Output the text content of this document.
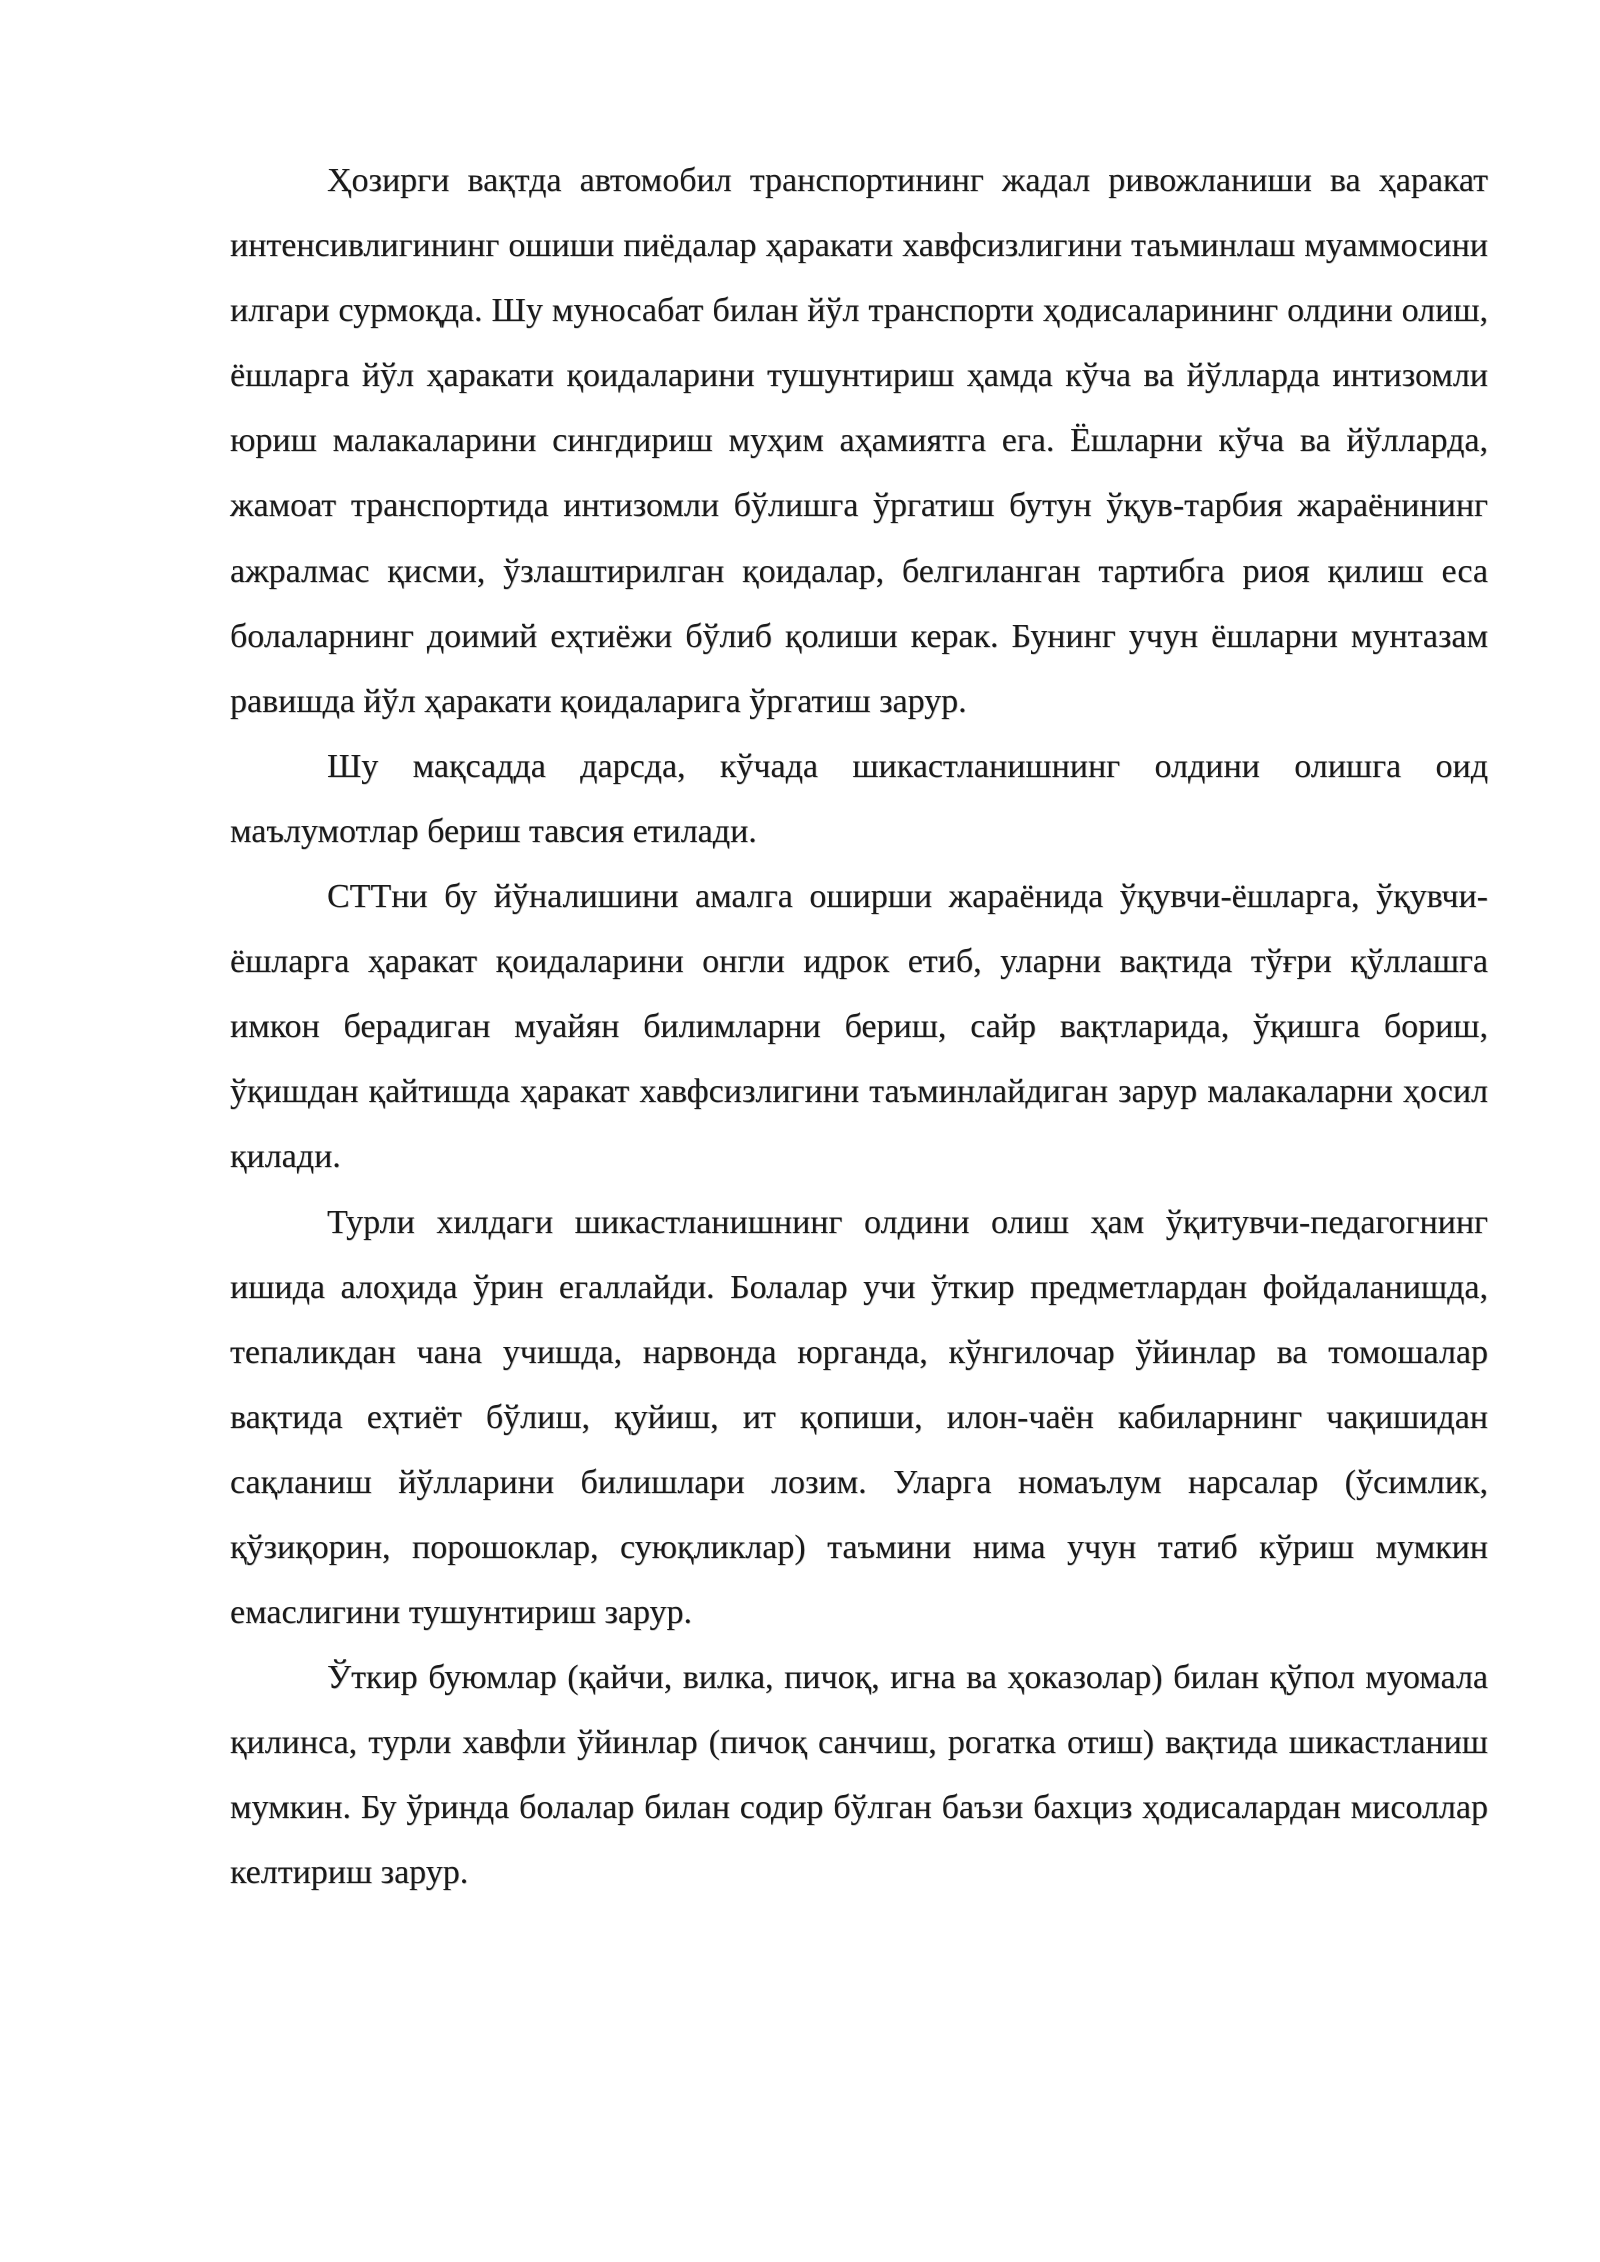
Ҳозирги вақтда автомобил транспортининг жадал ривожланиши ва ҳаракат интенсивлигининг ошиши пиёдалар ҳаракати хавфсизлигини таъминлаш муаммосини илгари сурмоқда. Шу муносабат билан йўл транспорти ҳодисаларининг олдини олиш, ёшларга йўл ҳаракати қоидаларини тушунтириш ҳамда кўча ва йўлларда интизомли юриш малакаларини сингдириш муҳим аҳамиятга ега. Ёшларни кўча ва йўлларда, жамоат транспортида интизомли бўлишга ўргатиш бутун ўқув-тарбия жараёнининг ажралмас қисми, ўзлаштирилган қоидалар, белгиланган тартибга риоя қилиш еса болаларнинг доимий еҳтиёжи бўлиб қолиши керак. Бунинг учун ёшларни мунтазам равишда йўл ҳаракати қоидаларига ўргатиш зарур.

Шу мақсадда дарсда, кўчада шикастланишнинг олдини олишга оид маълумотлар бериш тавсия етилади.

СТТни бу йўналишини амалга оширши жараёнида ўқувчи-ёшларга, ўқувчи-ёшларга ҳаракат қоидаларини онгли идрок етиб, уларни вақтида тўғри қўллашга имкон берадиган муайян билимларни бериш, сайр вақтларида, ўқишга бориш, ўқишдан қайтишда ҳаракат хавфсизлигини таъминлайдиган зарур малакаларни ҳосил қилади.

Турли хилдаги шикастланишнинг олдини олиш ҳам ўқитувчи-педагогнинг ишида алоҳида ўрин егаллайди. Болалар учи ўткир предметлардан фойдаланишда, тепаликдан чана учишда, нарвонда юрганда, кўнгилочар ўйинлар ва томошалар вақтида еҳтиёт бўлиш, қуйиш, ит қопиши, илон-чаён кабиларнинг чақишидан сақланиш йўлларини билишлари лозим. Уларга номаълум нарсалар (ўсимлик, қўзиқорин, порошоклар, суюқликлар) таъмини нима учун татиб кўриш мумкин емаслигини тушунтириш зарур.

Ўткир буюмлар (қайчи, вилка, пичоқ, игна ва ҳоказолар) билан қўпол муомала қилинса, турли хавфли ўйинлар (пичоқ санчиш, рогатка отиш) вақтида шикастланиш мумкин. Бу ўринда болалар билан содир бўлган баъзи бахциз ҳодисалардан мисоллар келтириш зарур.
